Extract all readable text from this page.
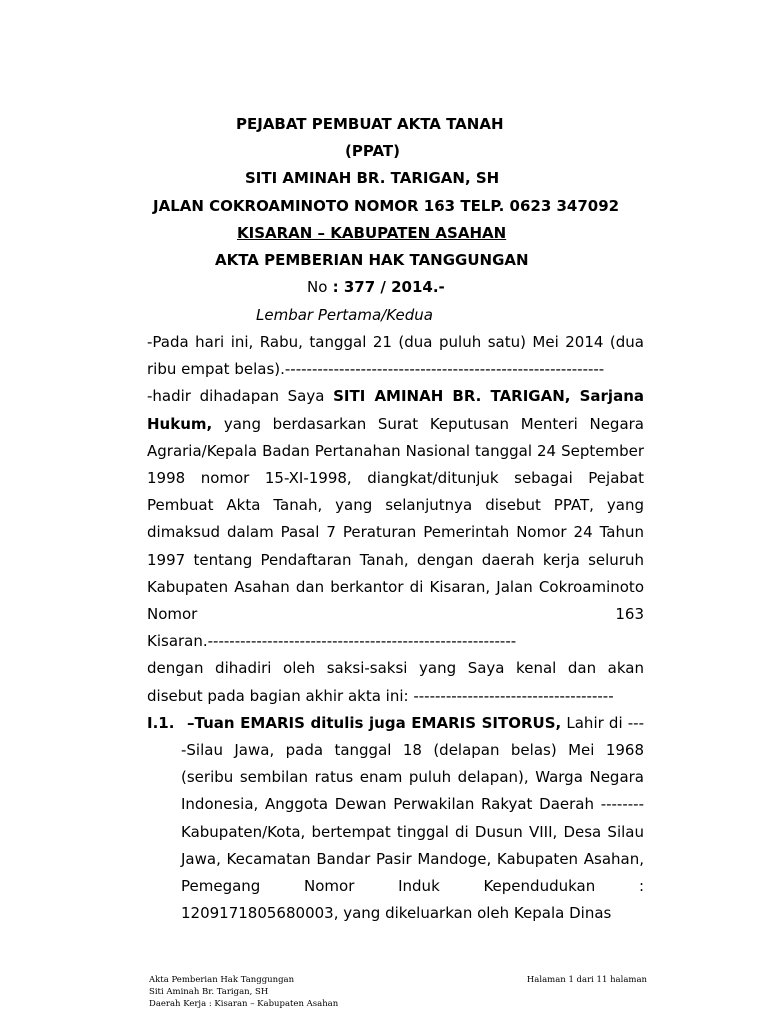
PEJABAT PEMBUAT AKTA TANAH
(PPAT)
SITI AMINAH BR. TARIGAN, SH
JALAN COKROAMINOTO NOMOR 163 TELP. 0623 347092
KISARAN – KABUPATEN ASAHAN
AKTA PEMBERIAN HAK TANGGUNGAN
No : 377 / 2014.-
Lembar Pertama/Kedua

-Pada hari ini, Rabu, tanggal 21 (dua puluh satu) Mei 2014 (dua ribu empat belas).-----------------------------------------------------------

-hadir dihadapan Saya SITI AMINAH BR. TARIGAN, Sarjana Hukum, yang berdasarkan Surat Keputusan Menteri Negara Agraria/Kepala Badan Pertanahan Nasional tanggal 24 September 1998 nomor 15-XI-1998, diangkat/ditunjuk sebagai Pejabat Pembuat Akta Tanah, yang selanjutnya disebut PPAT, yang dimaksud dalam Pasal 7 Peraturan Pemerintah Nomor 24 Tahun 1997 tentang Pendaftaran Tanah, dengan daerah kerja seluruh Kabupaten Asahan dan berkantor di Kisaran, Jalan Cokroaminoto Nomor 163

Kisaran.---------------------------------------------------------

dengan dihadiri oleh saksi-saksi yang Saya kenal dan akan disebut pada bagian akhir akta ini: -------------------------------------

I.1. –Tuan EMARIS ditulis juga EMARIS SITORUS, Lahir di ----Silau Jawa, pada tanggal 18 (delapan belas) Mei 1968 (seribu sembilan ratus enam puluh delapan), Warga Negara Indonesia, Anggota Dewan Perwakilan Rakyat Daerah -------- Kabupaten/Kota, bertempat tinggal di Dusun VIII, Desa Silau Jawa, Kecamatan Bandar Pasir Mandoge, Kabupaten Asahan, Pemegang Nomor Induk Kependudukan : 1209171805680003, yang dikeluarkan oleh Kepala Dinas
Akta Pemberian Hak Tanggungan
Siti Aminah Br. Tarigan, SH
Daerah Kerja : Kisaran – Kabupaten Asahan
Halaman 1 dari 11 halaman
